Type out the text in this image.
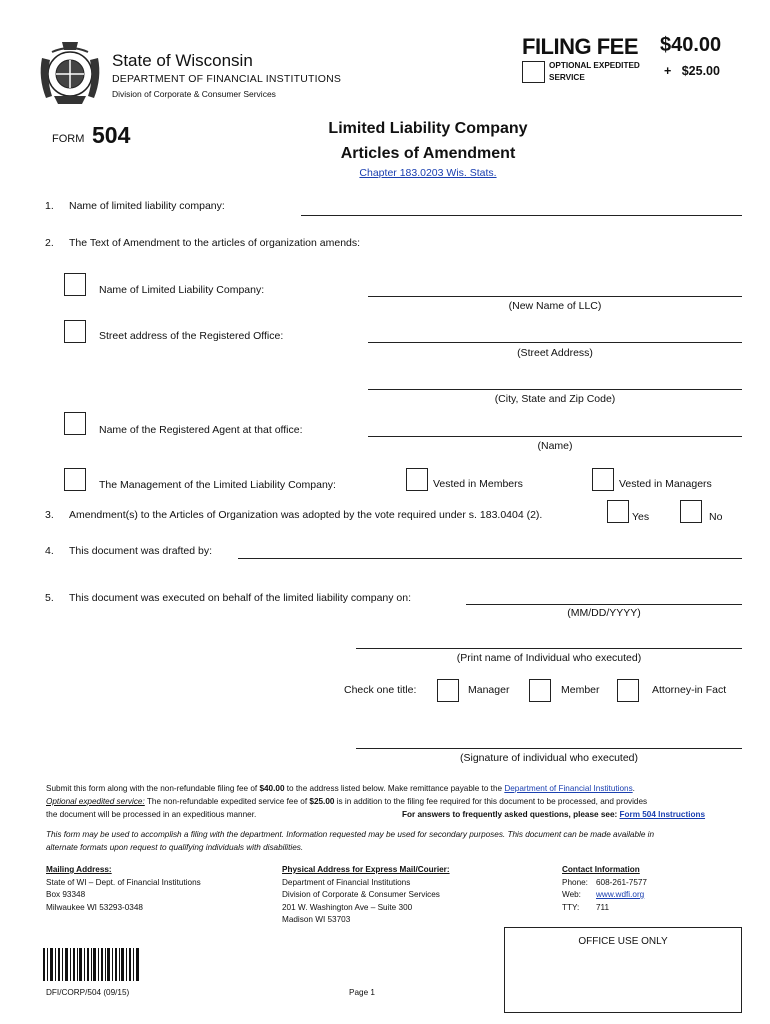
State of Wisconsin
DEPARTMENT OF FINANCIAL INSTITUTIONS
Division of Corporate & Consumer Services
FILING FEE $40.00
OPTIONAL EXPEDITED
SERVICE	+   $25.00
FORM 504	Limited Liability Company
Articles of Amendment
Chapter 183.0203 Wis. Stats.
1.	Name of limited liability company:
2.	The Text of Amendment to the articles of organization amends:
Name of Limited Liability Company:
(New Name of LLC)
Street address of the Registered Office:
(Street Address)
(City, State and Zip Code)
Name of the Registered Agent at that office:
(Name)
The Management of the Limited Liability Company:	Vested in Members	Vested in Managers
3.	Amendment(s) to the Articles of Organization was adopted by the vote required under s. 183.0404 (2).	Yes	No
4.	This document was drafted by:
5.	This document was executed on behalf of the limited liability company on:
(MM/DD/YYYY)
(Print name of Individual who executed)
Check one title:	Manager	Member	Attorney-in Fact
(Signature of individual who executed)
Submit this form along with the non-refundable filing fee of $40.00 to the address listed below. Make remittance payable to the Department of Financial Institutions.
Optional expedited service: The non-refundable expedited service fee of $25.00 is in addition to the filing fee required for this document to be processed, and provides
the document will be processed in an expeditious manner.	For answers to frequently asked questions, please see: Form 504 Instructions
This form may be used to accomplish a filing with the department. Information requested may be used for secondary purposes. This document can be made available in
alternate formats upon request to qualifying individuals with disabilities.
Mailing Address:
State of WI – Dept. of Financial Institutions
Box 93348
Milwaukee WI 53293-0348
Physical Address for Express Mail/Courier:
Department of Financial Institutions
Division of Corporate & Consumer Services
201 W. Washington Ave – Suite 300
Madison WI 53703
Contact Information
Phone: 608-261-7577
Web: www.wdfi.org
TTY: 711
OFFICE USE ONLY
DFI/CORP/504 (09/15)	Page 1
